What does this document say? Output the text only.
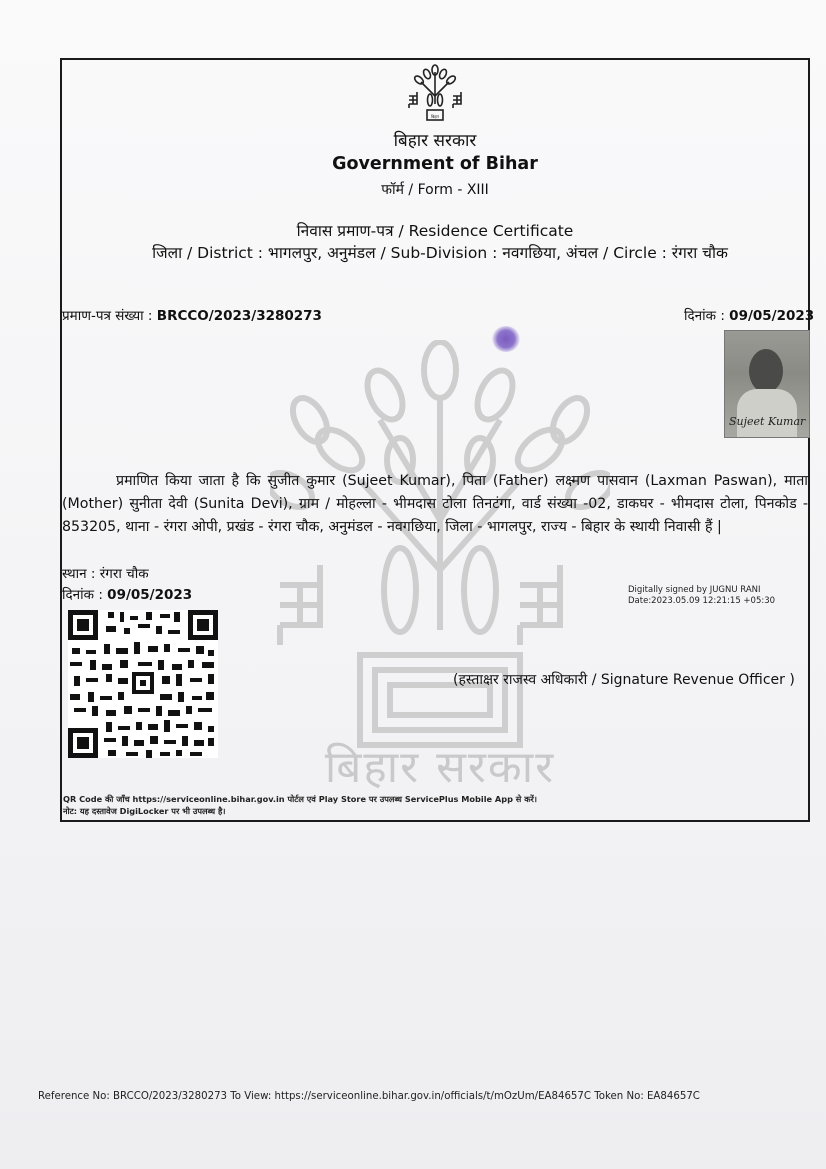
बिहार सरकार
बिहार
बिहार सरकार
Government of Bihar
फॉर्म / Form - XIII
निवास प्रमाण-पत्र / Residence Certificate
जिला / District : भागलपुर, अनुमंडल / Sub-Division : नवगछिया, अंचल / Circle : रंगरा चौक
प्रमाण-पत्र संख्या : BRCCO/2023/3280273	दिनांक : 09/05/2023
Sujeet Kumar
प्रमाणित किया जाता है कि सुजीत कुमार (Sujeet Kumar), पिता (Father) लक्ष्मण पासवान (Laxman Paswan), माता (Mother) सुनीता देवी (Sunita Devi), ग्राम / मोहल्ला - भीमदास टोला तिनटंगा, वार्ड संख्या -02, डाकघर - भीमदास टोला, पिनकोड - 853205, थाना - रंगरा ओपी, प्रखंड - रंगरा चौक, अनुमंडल - नवगछिया, जिला - भागलपुर, राज्य - बिहार के स्थायी निवासी हैं |
स्थान : रंगरा चौक
दिनांक : 09/05/2023	Digitally signed by JUGNU RANI
Date:2023.05.09 12:21:15 +05:30
(हस्ताक्षर राजस्व अधिकारी / Signature Revenue Officer )
QR Code की जाँच https://serviceonline.bihar.gov.in पोर्टल एवं Play Store पर उपलब्ध ServicePlus Mobile App से करें।
नोट: यह दस्तावेज DigiLocker पर भी उपलब्ध है।
Reference No: BRCCO/2023/3280273 To View: https://serviceonline.bihar.gov.in/officials/t/mOzUm/EA84657C Token No: EA84657C
